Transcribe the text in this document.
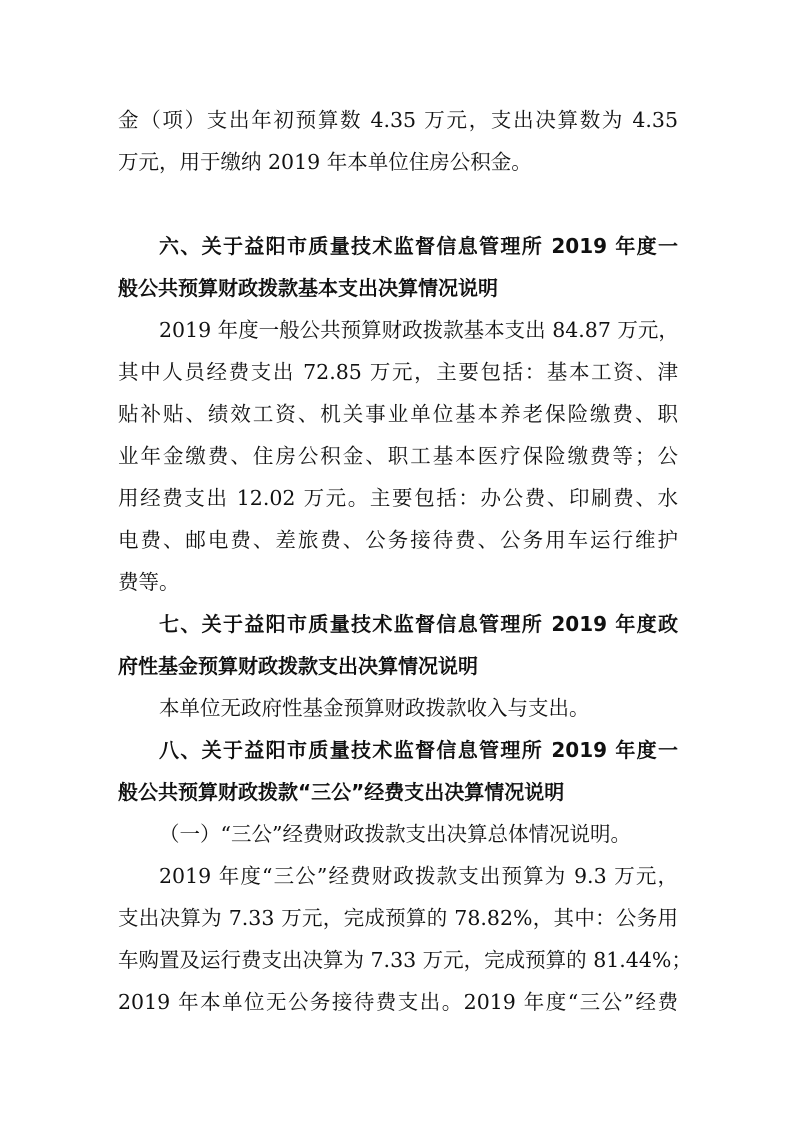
金（项）支出年初预算数 4.35 万元，支出决算数为 4.35
万元，用于缴纳 2019 年本单位住房公积金。
六、关于益阳市质量技术监督信息管理所 2019 年度一
般公共预算财政拨款基本支出决算情况说明
2019 年度一般公共预算财政拨款基本支出 84.87 万元，
其中人员经费支出 72.85 万元，主要包括：基本工资、津
贴补贴、绩效工资、机关事业单位基本养老保险缴费、职
业年金缴费、住房公积金、职工基本医疗保险缴费等；公
用经费支出 12.02 万元。主要包括：办公费、印刷费、水
电费、邮电费、差旅费、公务接待费、公务用车运行维护
费等。
七、关于益阳市质量技术监督信息管理所 2019 年度政
府性基金预算财政拨款支出决算情况说明
本单位无政府性基金预算财政拨款收入与支出。
八、关于益阳市质量技术监督信息管理所 2019 年度一
般公共预算财政拨款“三公”经费支出决算情况说明
（一）“三公”经费财政拨款支出决算总体情况说明。
2019 年度“三公”经费财政拨款支出预算为 9.3 万元，
支出决算为 7.33 万元，完成预算的 78.82%，其中：公务用
车购置及运行费支出决算为 7.33 万元，完成预算的 81.44%；
2019 年本单位无公务接待费支出。2019 年度“三公”经费
